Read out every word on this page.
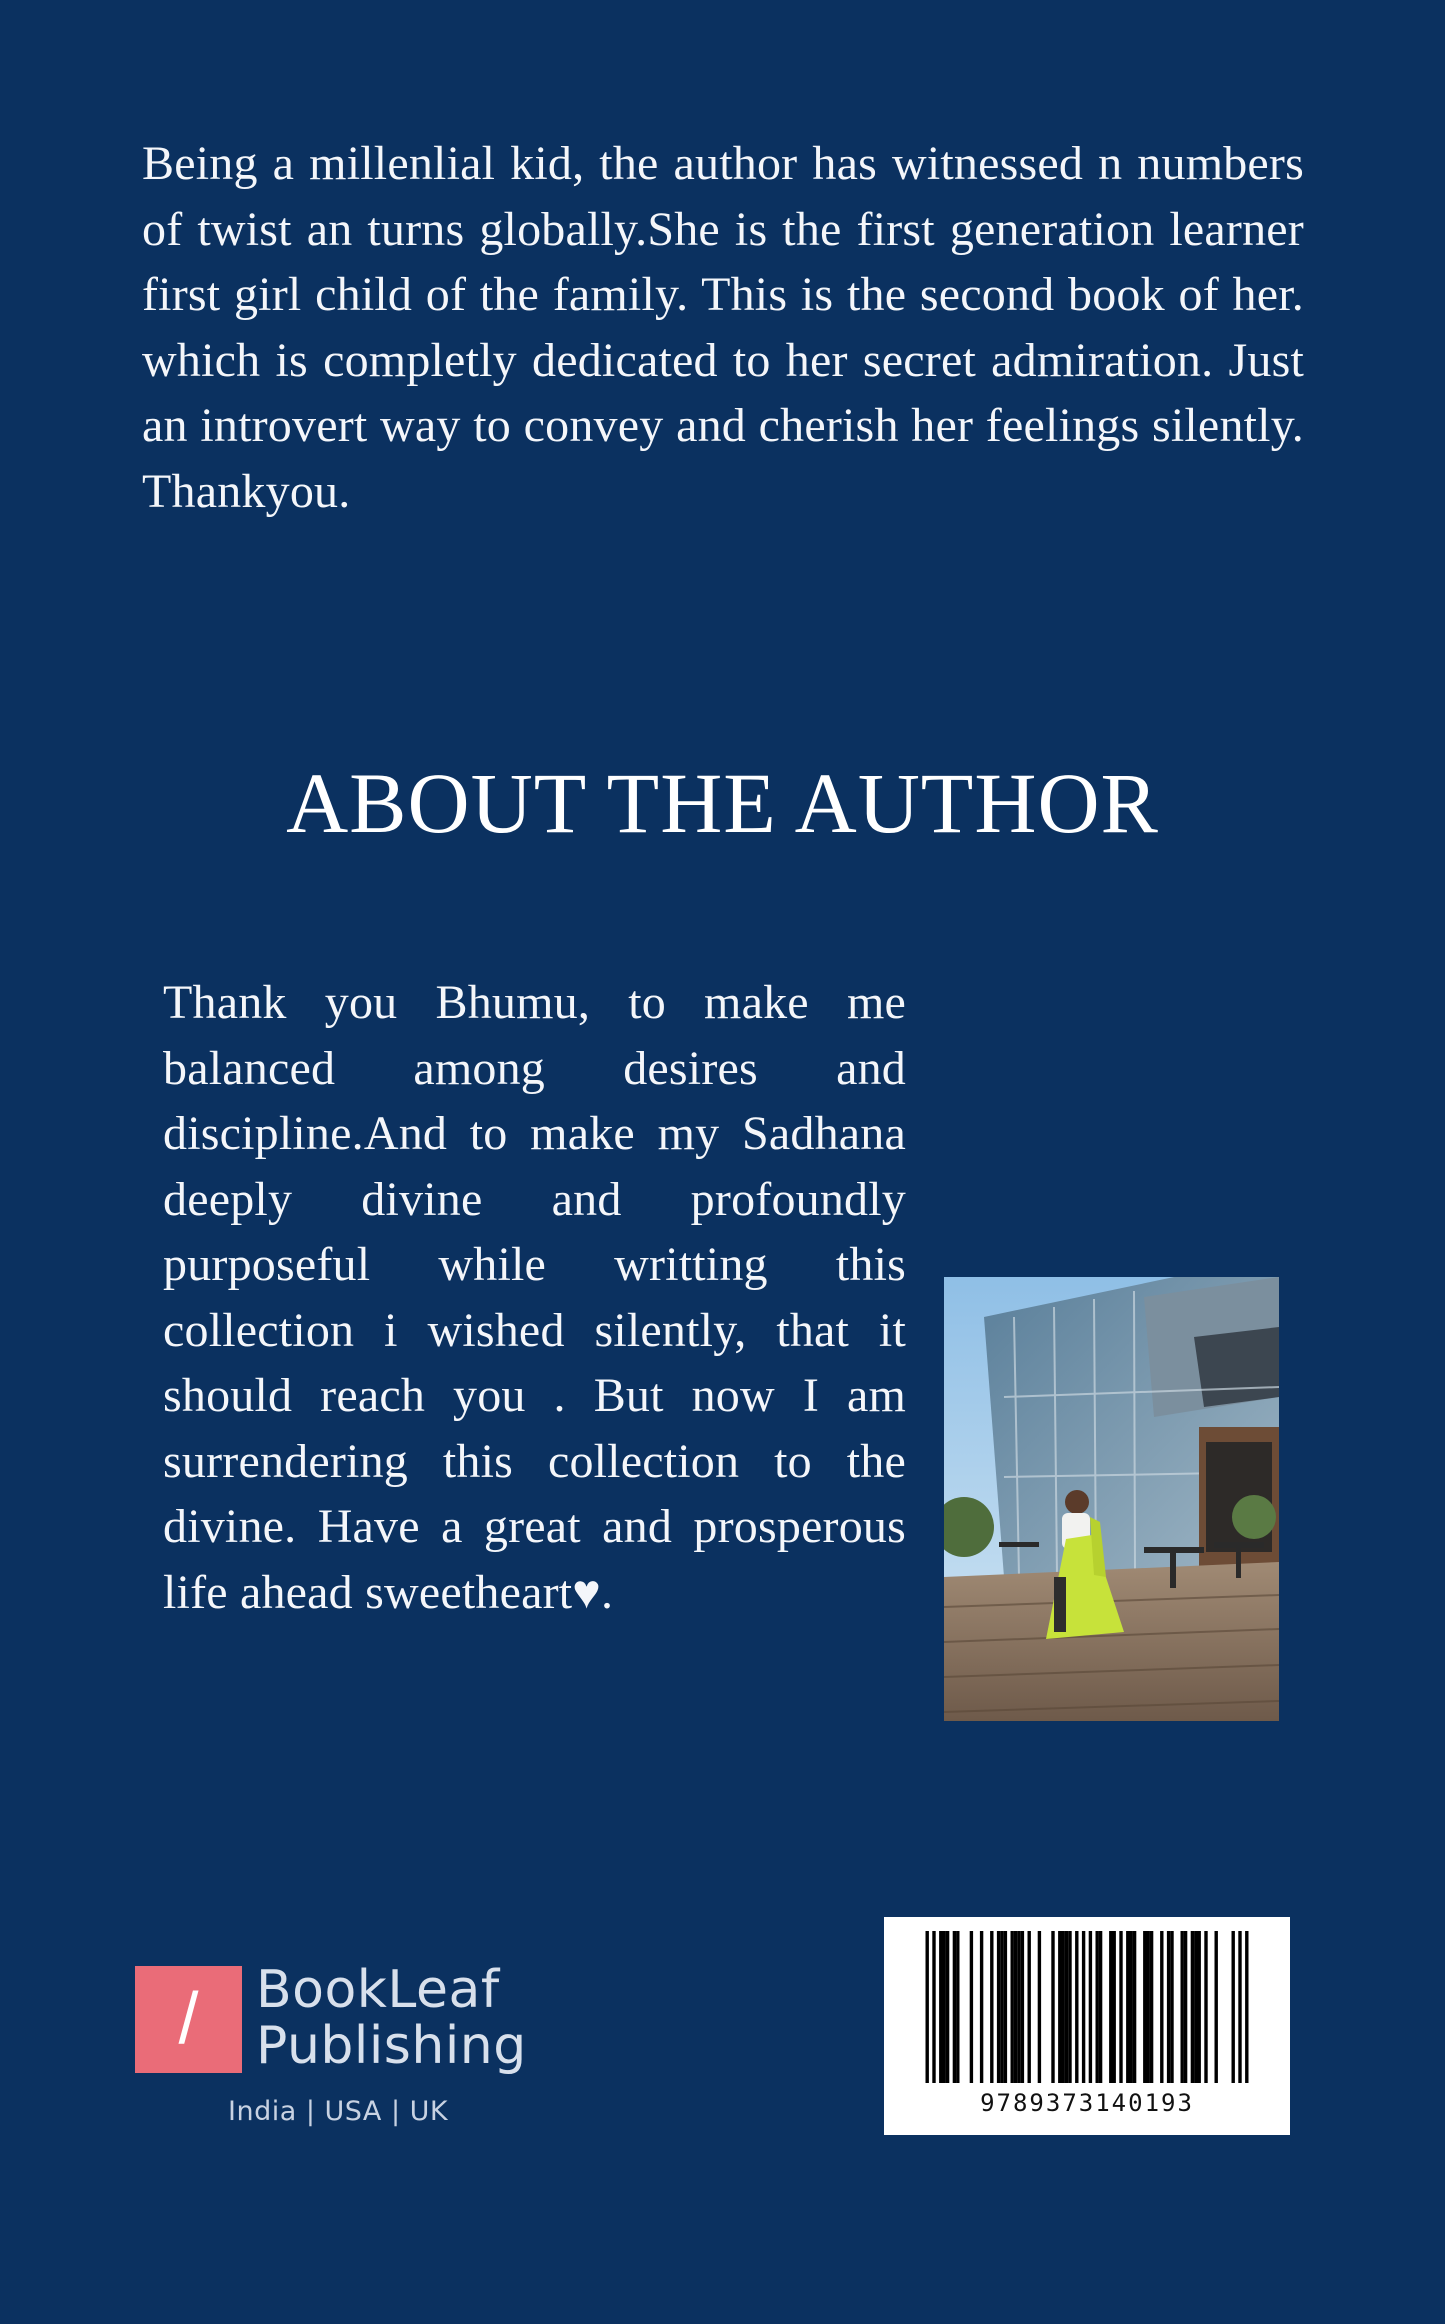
Being a millenlial kid, the author has witnessed n numbers of twist an turns globally.She is the first generation learner first girl child of the family. This is the second book of her. which is completly dedicated to her secret admiration. Just an introvert way to convey and cherish her feelings silently. Thankyou.

ABOUT THE AUTHOR

Thank you Bhumu, to make me balanced among desires and discipline.And to make my Sadhana deeply divine and profoundly purposeful while writting this collection i wished silently, that it should reach you . But now I am surrendering this collection to the divine. Have a great and prosperous life ahead sweetheart♥.

/	BookLeaf
Publishing
India | USA | UK	9789373140193
